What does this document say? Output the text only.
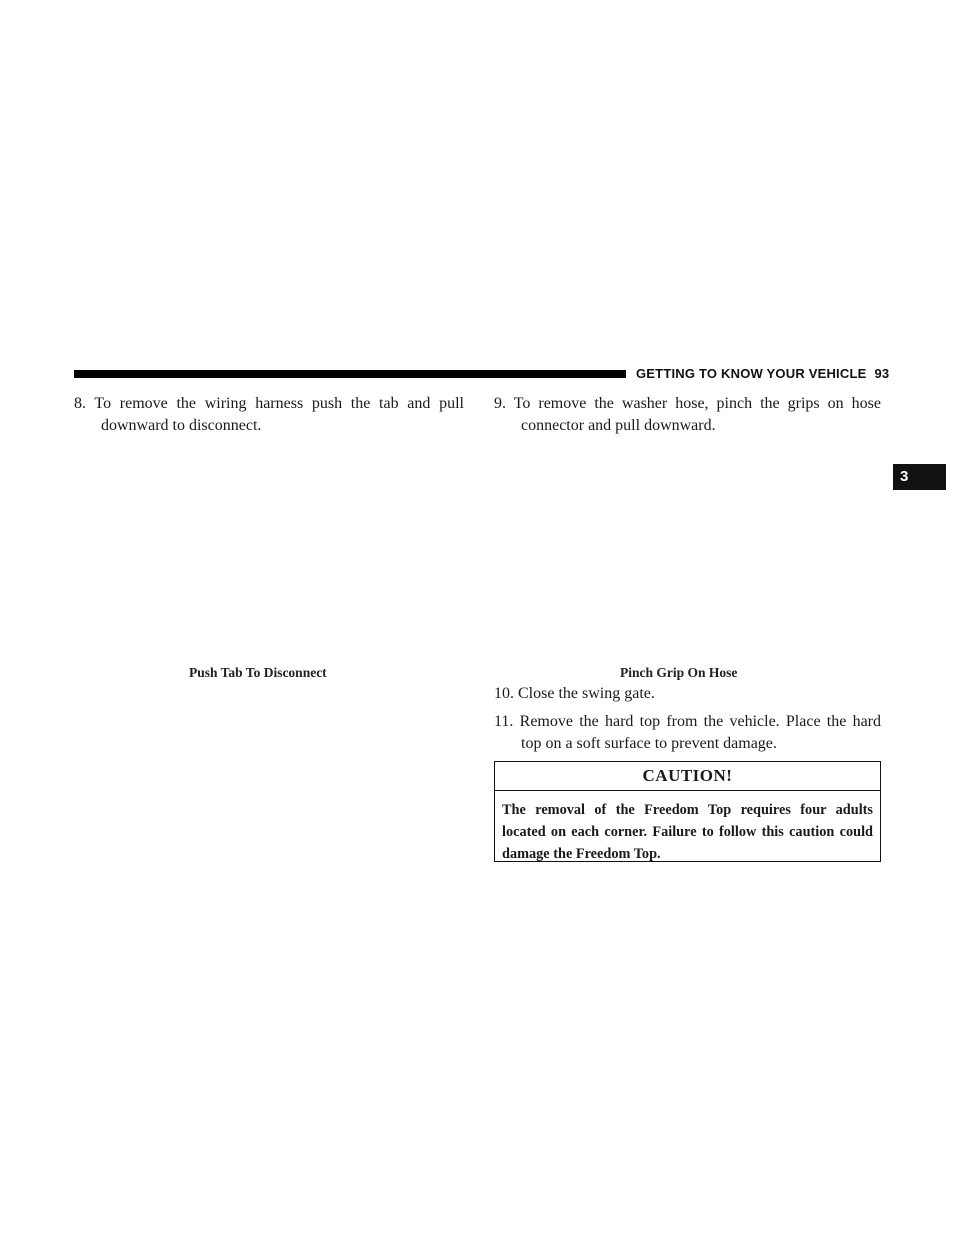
GETTING TO KNOW YOUR VEHICLE 93
3
8. To remove the wiring harness push the tab and pull
downward to disconnect.
9. To remove the washer hose, pinch the grips on hose
connector and pull downward.
Push Tab To Disconnect	Pinch Grip On Hose
10. Close the swing gate.
11. Remove the hard top from the vehicle. Place the hard
top on a soft surface to prevent damage.
CAUTION!
The removal of the Freedom Top requires four adults located on each corner. Failure to follow this caution could damage the Freedom Top.
